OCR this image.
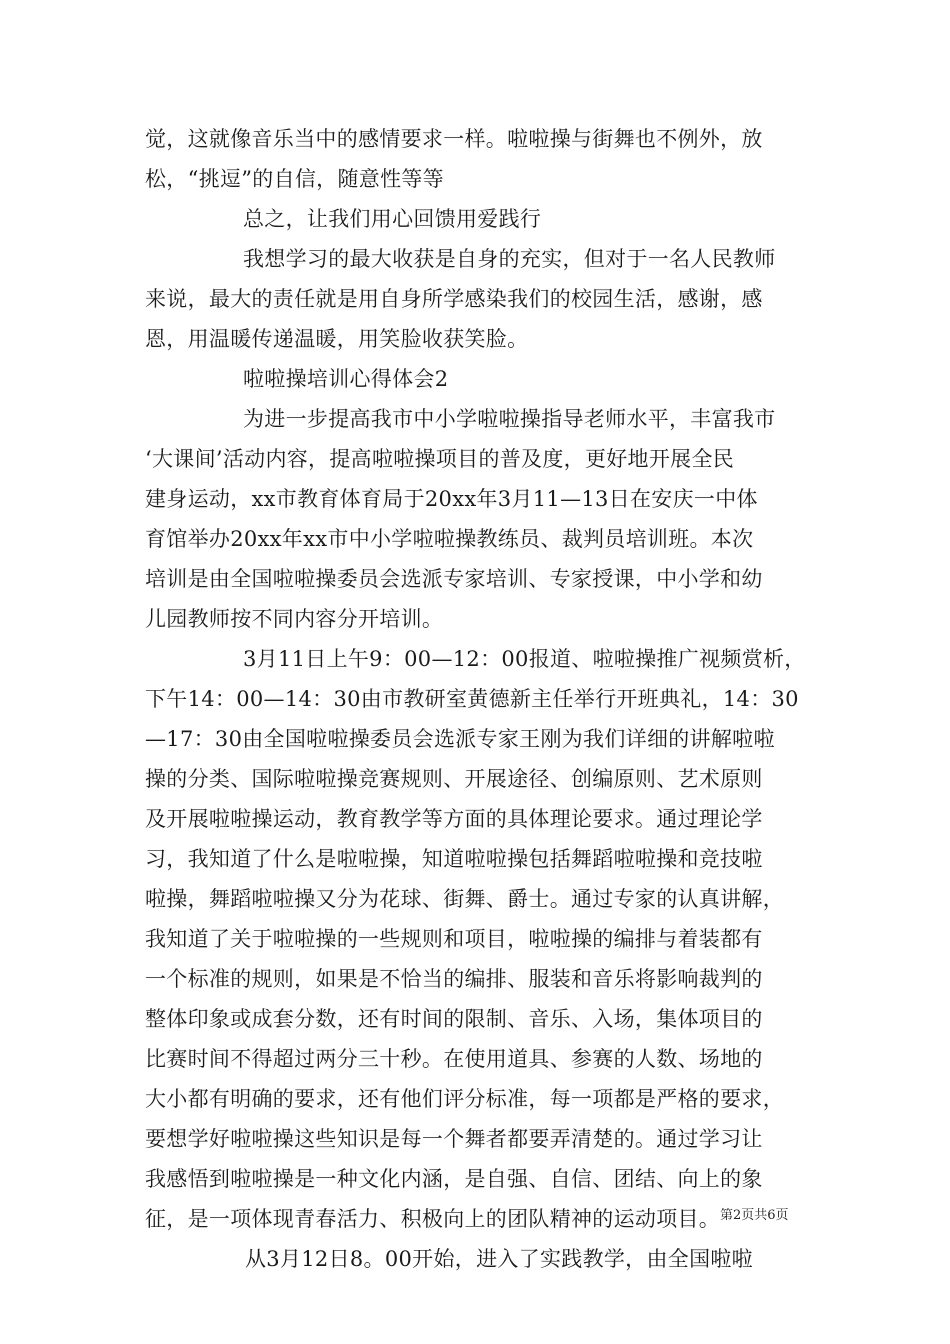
觉，这就像音乐当中的感情要求一样。啦啦操与街舞也不例外，放
松，“挑逗”的自信，随意性等等
总之，让我们用心回馈用爱践行
我想学习的最大收获是自身的充实，但对于一名人民教师
来说，最大的责任就是用自身所学感染我们的校园生活，感谢，感
恩，用温暖传递温暖，用笑脸收获笑脸。
啦啦操培训心得体会2
为进一步提高我市中小学啦啦操指导老师水平，丰富我市
‘大课间’活动内容，提高啦啦操项目的普及度，更好地开展全民
建身运动，xx市教育体育局于20xx年3月11—13日在安庆一中体
育馆举办20xx年xx市中小学啦啦操教练员、裁判员培训班。本次
培训是由全国啦啦操委员会选派专家培训、专家授课，中小学和幼
儿园教师按不同内容分开培训。
3月11日上午9：00—12：00报道、啦啦操推广视频赏析，
下午14：00—14：30由市教研室黄德新主任举行开班典礼，14：30
—17：30由全国啦啦操委员会选派专家王刚为我们详细的讲解啦啦
操的分类、国际啦啦操竞赛规则、开展途径、创编原则、艺术原则
及开展啦啦操运动，教育教学等方面的具体理论要求。通过理论学
习，我知道了什么是啦啦操，知道啦啦操包括舞蹈啦啦操和竞技啦
啦操，舞蹈啦啦操又分为花球、街舞、爵士。通过专家的认真讲解，
我知道了关于啦啦操的一些规则和项目，啦啦操的编排与着装都有
一个标准的规则，如果是不恰当的编排、服装和音乐将影响裁判的
整体印象或成套分数，还有时间的限制、音乐、入场，集体项目的
比赛时间不得超过两分三十秒。在使用道具、参赛的人数、场地的
大小都有明确的要求，还有他们评分标准，每一项都是严格的要求，
要想学好啦啦操这些知识是每一个舞者都要弄清楚的。通过学习让
我感悟到啦啦操是一种文化内涵，是自强、自信、团结、向上的象
征，是一项体现青春活力、积极向上的团队精神的运动项目。
从3月12日8。00开始，进入了实践教学，由全国啦啦
第2页共6页
